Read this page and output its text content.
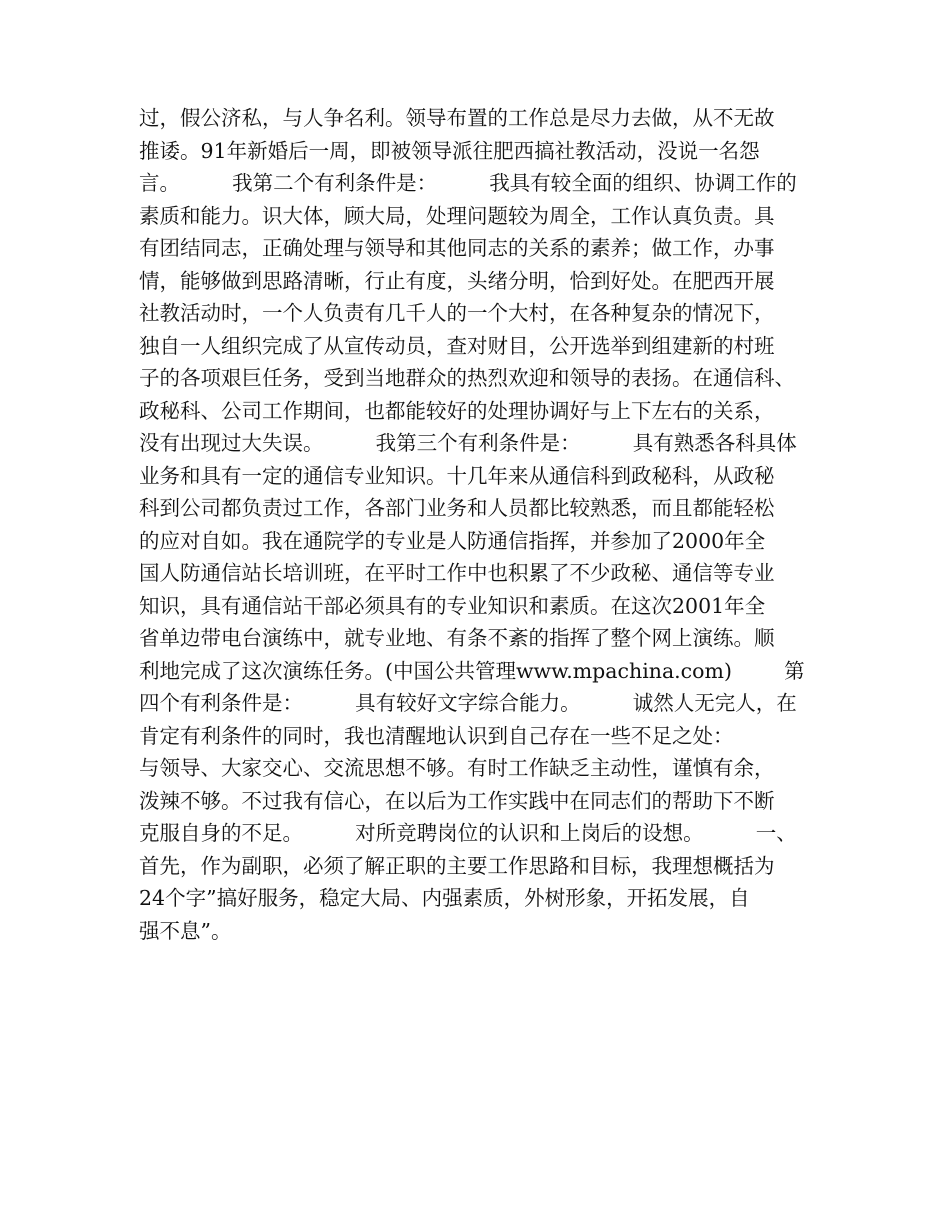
过，假公济私，与人争名利。领导布置的工作总是尽力去做，从不无故
推诿。91年新婚后一周，即被领导派往肥西搞社教活动，没说一名怨
言。        我第二个有利条件是：        我具有较全面的组织、协调工作的
素质和能力。识大体，顾大局，处理问题较为周全，工作认真负责。具
有团结同志，正确处理与领导和其他同志的关系的素养；做工作，办事
情，能够做到思路清晰，行止有度，头绪分明，恰到好处。在肥西开展
社教活动时，一个人负责有几千人的一个大村，在各种复杂的情况下，
独自一人组织完成了从宣传动员，查对财目，公开选举到组建新的村班
子的各项艰巨任务，受到当地群众的热烈欢迎和领导的表扬。在通信科、
政秘科、公司工作期间，也都能较好的处理协调好与上下左右的关系，
没有出现过大失误。        我第三个有利条件是：        具有熟悉各科具体
业务和具有一定的通信专业知识。十几年来从通信科到政秘科，从政秘
科到公司都负责过工作，各部门业务和人员都比较熟悉，而且都能轻松
的应对自如。我在通院学的专业是人防通信指挥，并参加了2000年全
国人防通信站长培训班，在平时工作中也积累了不少政秘、通信等专业
知识，具有通信站干部必须具有的专业知识和素质。在这次2001年全
省单边带电台演练中，就专业地、有条不紊的指挥了整个网上演练。顺
利地完成了这次演练任务。(中国公共管理www.mpachina.com)        第
四个有利条件是：        具有较好文字综合能力。        诚然人无完人，在
肯定有利条件的同时，我也清醒地认识到自己存在一些不足之处：
与领导、大家交心、交流思想不够。有时工作缺乏主动性，谨慎有余，
泼辣不够。不过我有信心，在以后为工作实践中在同志们的帮助下不断
克服自身的不足。        对所竞聘岗位的认识和上岗后的设想。        一、
首先，作为副职，必须了解正职的主要工作思路和目标，我理想概括为
24个字”搞好服务，稳定大局、内强素质，外树形象，开拓发展，自
强不息”。
